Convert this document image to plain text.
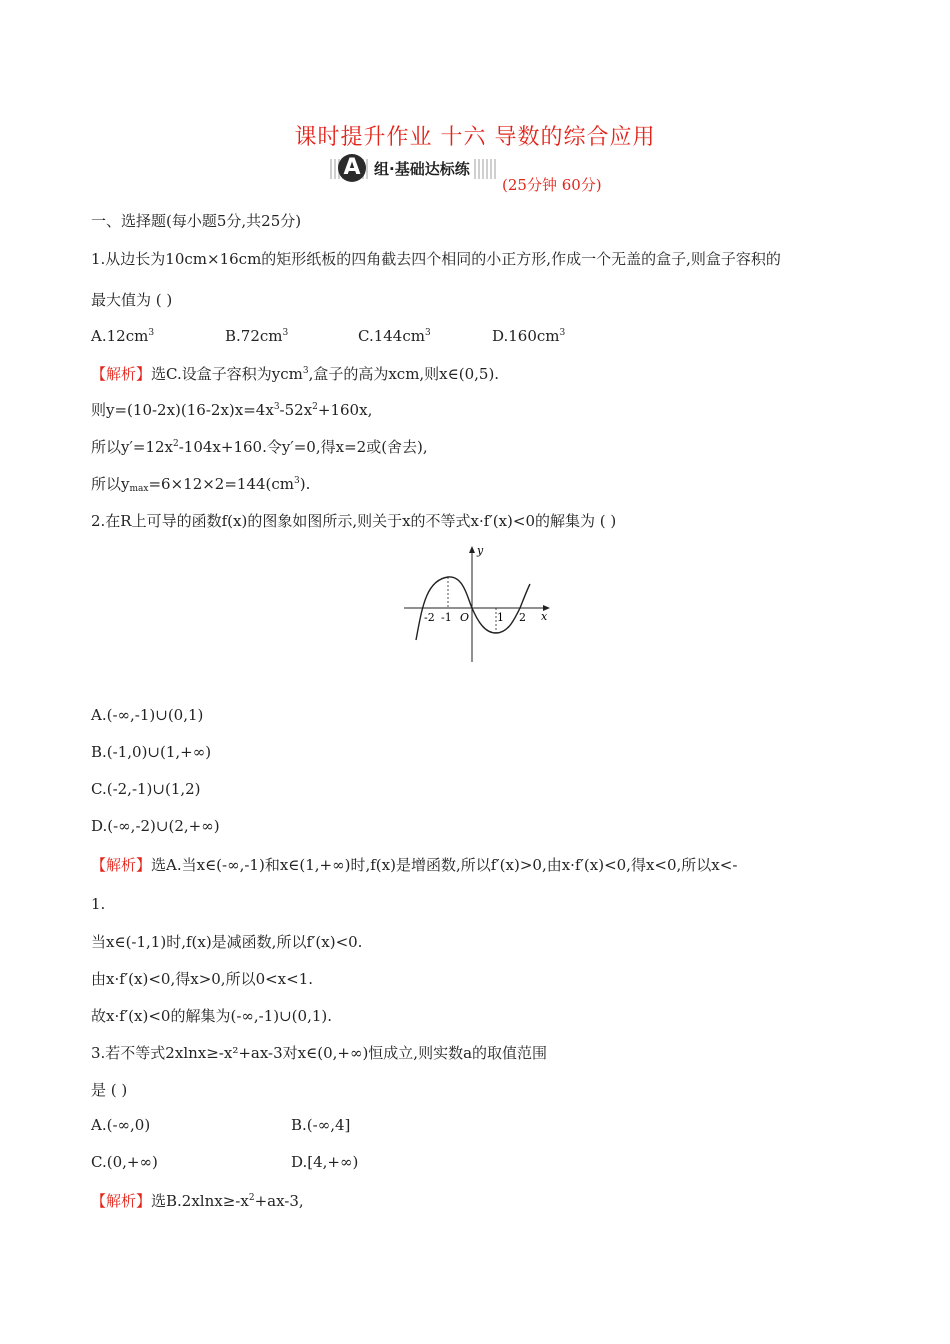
课时提升作业 十六 导数的综合应用
A 组·基础达标练
(25分钟 60分)
一、选择题(每小题5分,共25分)
1.从边长为10cm×16cm的矩形纸板的四角截去四个相同的小正方形,作成一个无盖的盒子,则盒子容积的
最大值为 ( )
$A.12cm^3$	$B.72cm^3$	$C.144cm^3$	$D.160cm^3$
【解析】选C.设盒子容积为ycm$^3$,盒子的高为xcm,则x∈(0,5).
则$y=(10-2x)(16-2x)x=4x^3-52x^2+160x$,
所以$y'=12x^2-104x+160$.令y′=0,得x=2或(舍去),
所以$y_{max}=6\times 12\times 2=144(cm^3)$.
2.在R上可导的函数f(x)的图象如图所示,则关于x的不等式x·f′(x)<0的解集为 ( )
y
x
O
-2 -1	1 2
A.(-∞,-1)∪(0,1)
B.(-1,0)∪(1,+∞)
C.(-2,-1)∪(1,2)
D.(-∞,-2)∪(2,+∞)
【解析】选A.当x∈(-∞,-1)和x∈(1,+∞)时,f(x)是增函数,所以f′(x)>0,由x·f′(x)<0,得x<0,所以x<-
1.
当x∈(-1,1)时,f(x)是减函数,所以f′(x)<0.
由x·f′(x)<0,得x>0,所以0<x<1.
故x·f′(x)<0的解集为(-∞,-1)∪(0,1).
3.若不等式2xlnx≥-x²+ax-3对x∈(0,+∞)恒成立,则实数a的取值范围
是 ( )
A.(-∞,0)	B.(-∞,4]
C.(0,+∞)	D.[4,+∞)
【解析】选$B.2xlnx\ge-x^2+ax-3$,
